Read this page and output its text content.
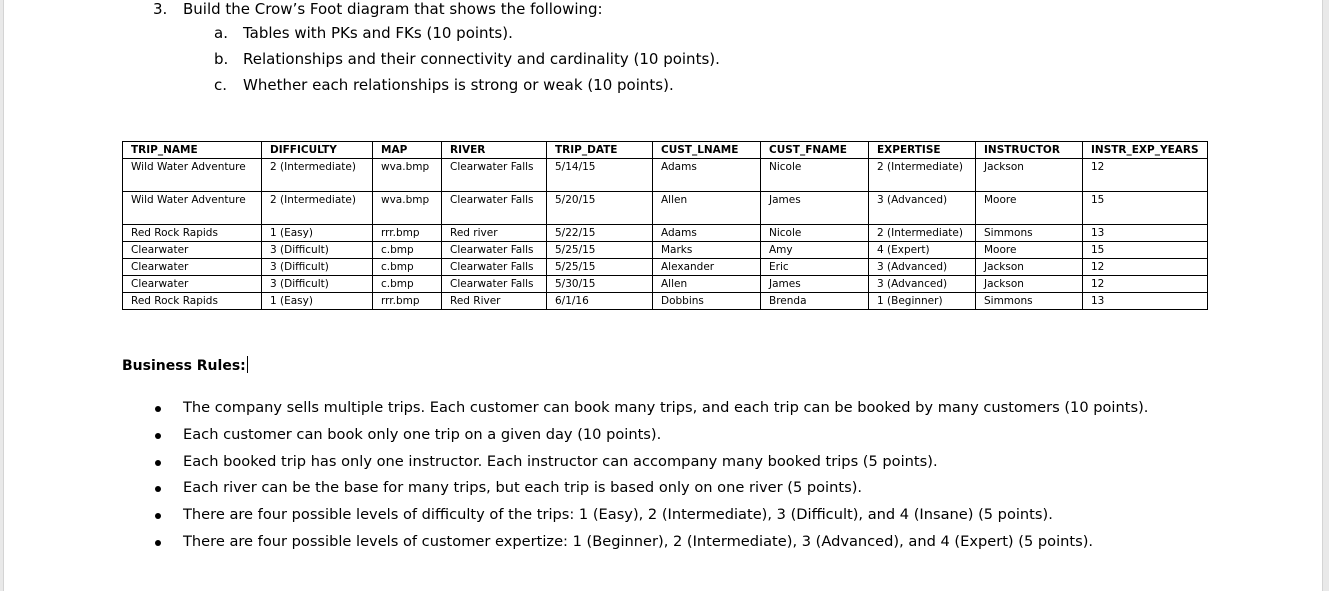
3. Build the Crow’s Foot diagram that shows the following:
a. Tables with PKs and FKs (10 points).
b. Relationships and their connectivity and cardinality (10 points).
c. Whether each relationships is strong or weak (10 points).
TRIP_NAME	DIFFICULTY	MAP	RIVER	TRIP_DATE	CUST_LNAME	CUST_FNAME	EXPERTISE	INSTRUCTOR	INSTR_EXP_YEARS
Wild Water Adventure	2 (Intermediate)	wva.bmp	Clearwater Falls	5/14/15	Adams	Nicole	2 (Intermediate)	Jackson	12
Wild Water Adventure	2 (Intermediate)	wva.bmp	Clearwater Falls	5/20/15	Allen	James	3 (Advanced)	Moore	15
Red Rock Rapids	1 (Easy)	rrr.bmp	Red river	5/22/15	Adams	Nicole	2 (Intermediate)	Simmons	13
Clearwater	3 (Difficult)	c.bmp	Clearwater Falls	5/25/15	Marks	Amy	4 (Expert)	Moore	15
Clearwater	3 (Difficult)	c.bmp	Clearwater Falls	5/25/15	Alexander	Eric	3 (Advanced)	Jackson	12
Clearwater	3 (Difficult)	c.bmp	Clearwater Falls	5/30/15	Allen	James	3 (Advanced)	Jackson	12
Red Rock Rapids	1 (Easy)	rrr.bmp	Red River	6/1/16	Dobbins	Brenda	1 (Beginner)	Simmons	13
Business Rules:
The company sells multiple trips. Each customer can book many trips, and each trip can be booked by many customers (10 points).
Each customer can book only one trip on a given day (10 points).
Each booked trip has only one instructor. Each instructor can accompany many booked trips (5 points).
Each river can be the base for many trips, but each trip is based only on one river (5 points).
There are four possible levels of difficulty of the trips: 1 (Easy), 2 (Intermediate), 3 (Difficult), and 4 (Insane) (5 points).
There are four possible levels of customer expertize: 1 (Beginner), 2 (Intermediate), 3 (Advanced), and 4 (Expert) (5 points).
